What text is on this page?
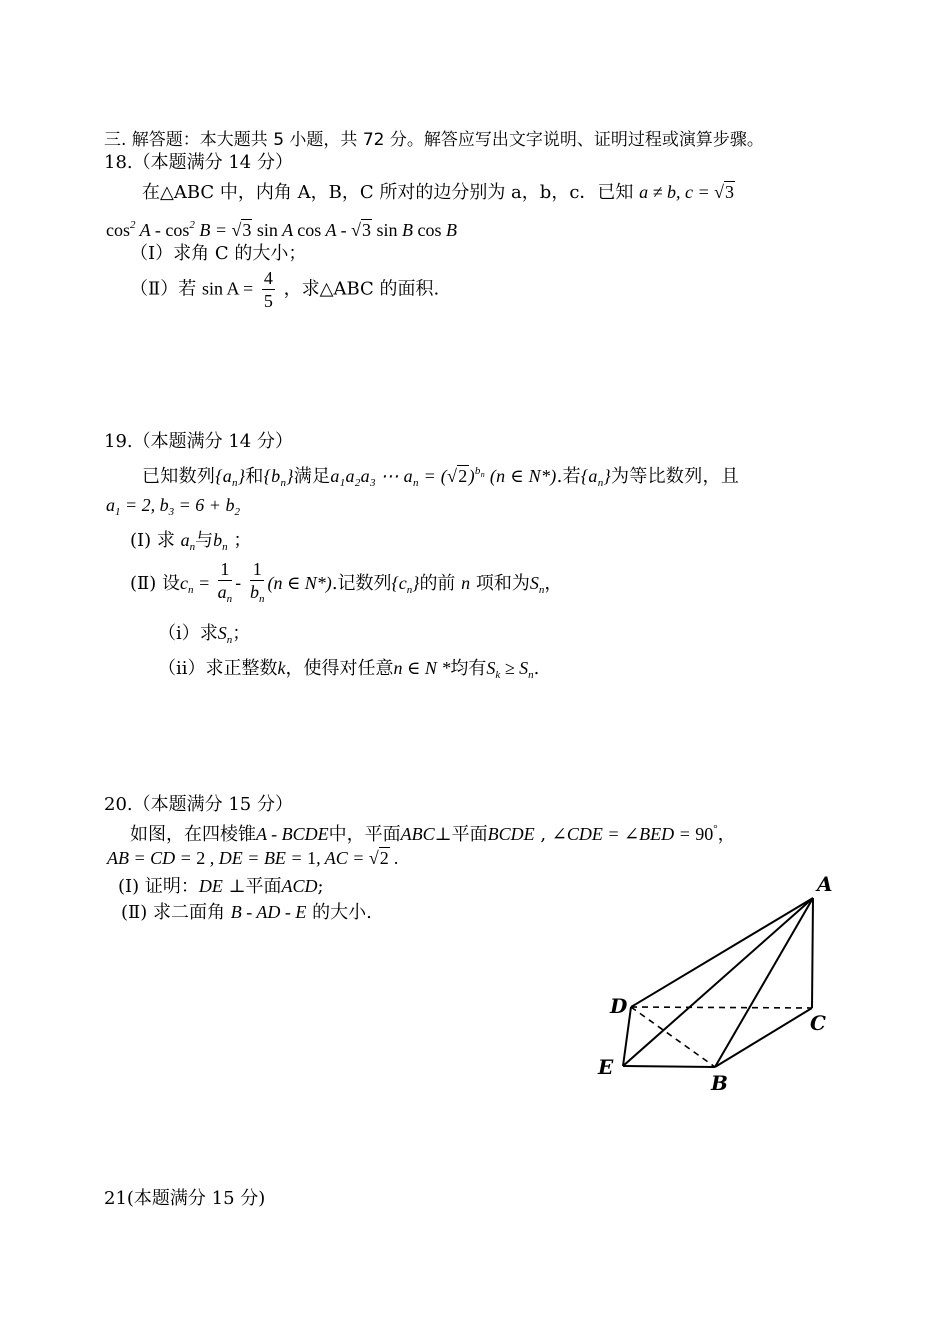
三. 解答题：本大题共 5 小题，共 72 分。解答应写出文字说明、证明过程或演算步骤。
18.（本题满分 14 分）
在△ABC 中，内角 A，B，C 所对的边分别为 a，b，c．已知 a ≠ b, c = √3
$\cos^2 A - \cos^2 B = √3$ sin A cos A - √3 sin B cos B
（Ⅰ）求角 C 的大小；
（Ⅱ）若 $\sin A = \frac{4}{5}$ ，求△ABC 的面积.
19.（本题满分 14 分）
已知数列$\{a_n\}$和$\{b_n\}$满足$a_1a_2a_3$ ⋯ $a_n = (√2)^{b_n}$ (n ∈ N*).若$\{a_n\}$为等比数列，且
$a_1 = 2$, $b_3 = 6 + b_2$
(I) 求 $a_n$与$b_n$ ；
(Ⅱ) 设$c_n = \frac{1}{a_n} - \frac{1}{b_n} (n$ ∈ N*).记数列$\{c_n\}$的前 n 项和为$S_n$，
（i）求$S_n$；
（ii）求正整数k，使得对任意n ∈ N *均有$S_k \ge S_n$.
20.（本题满分 15 分）
如图，在四棱锥A - BCDE中，平面ABC⊥平面BCDE , ∠CDE = ∠BED = 90°，
AB = CD = 2 , DE = BE = 1, AC = √2 .
(I) 证明：DE ⊥平面ACD;
(Ⅱ) 求二面角 B - AD - E 的大小.
A
D
C
E
B
21(本题满分 15 分)
